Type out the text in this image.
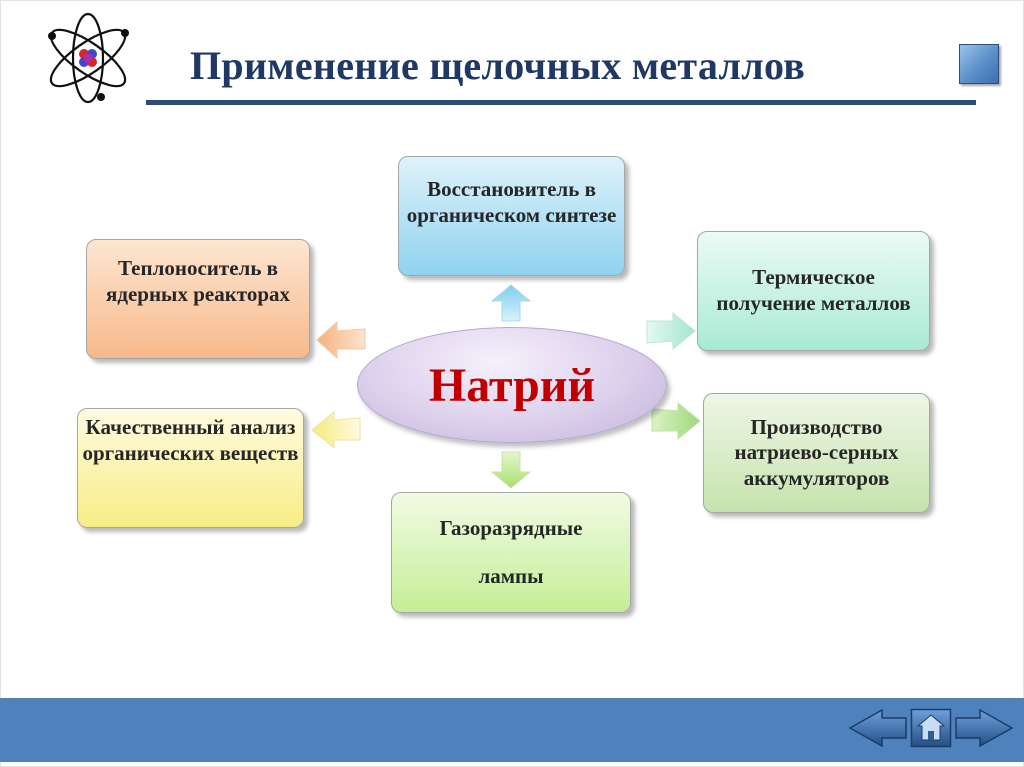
Применение щелочных металлов
Натрий
Восстановитель в органическом синтезе
Теплоноситель в ядерных реакторах
Термическое получение металлов
Качественный анализ органических веществ
Производство натриево-серных аккумуляторов
Газоразрядные
лампы
